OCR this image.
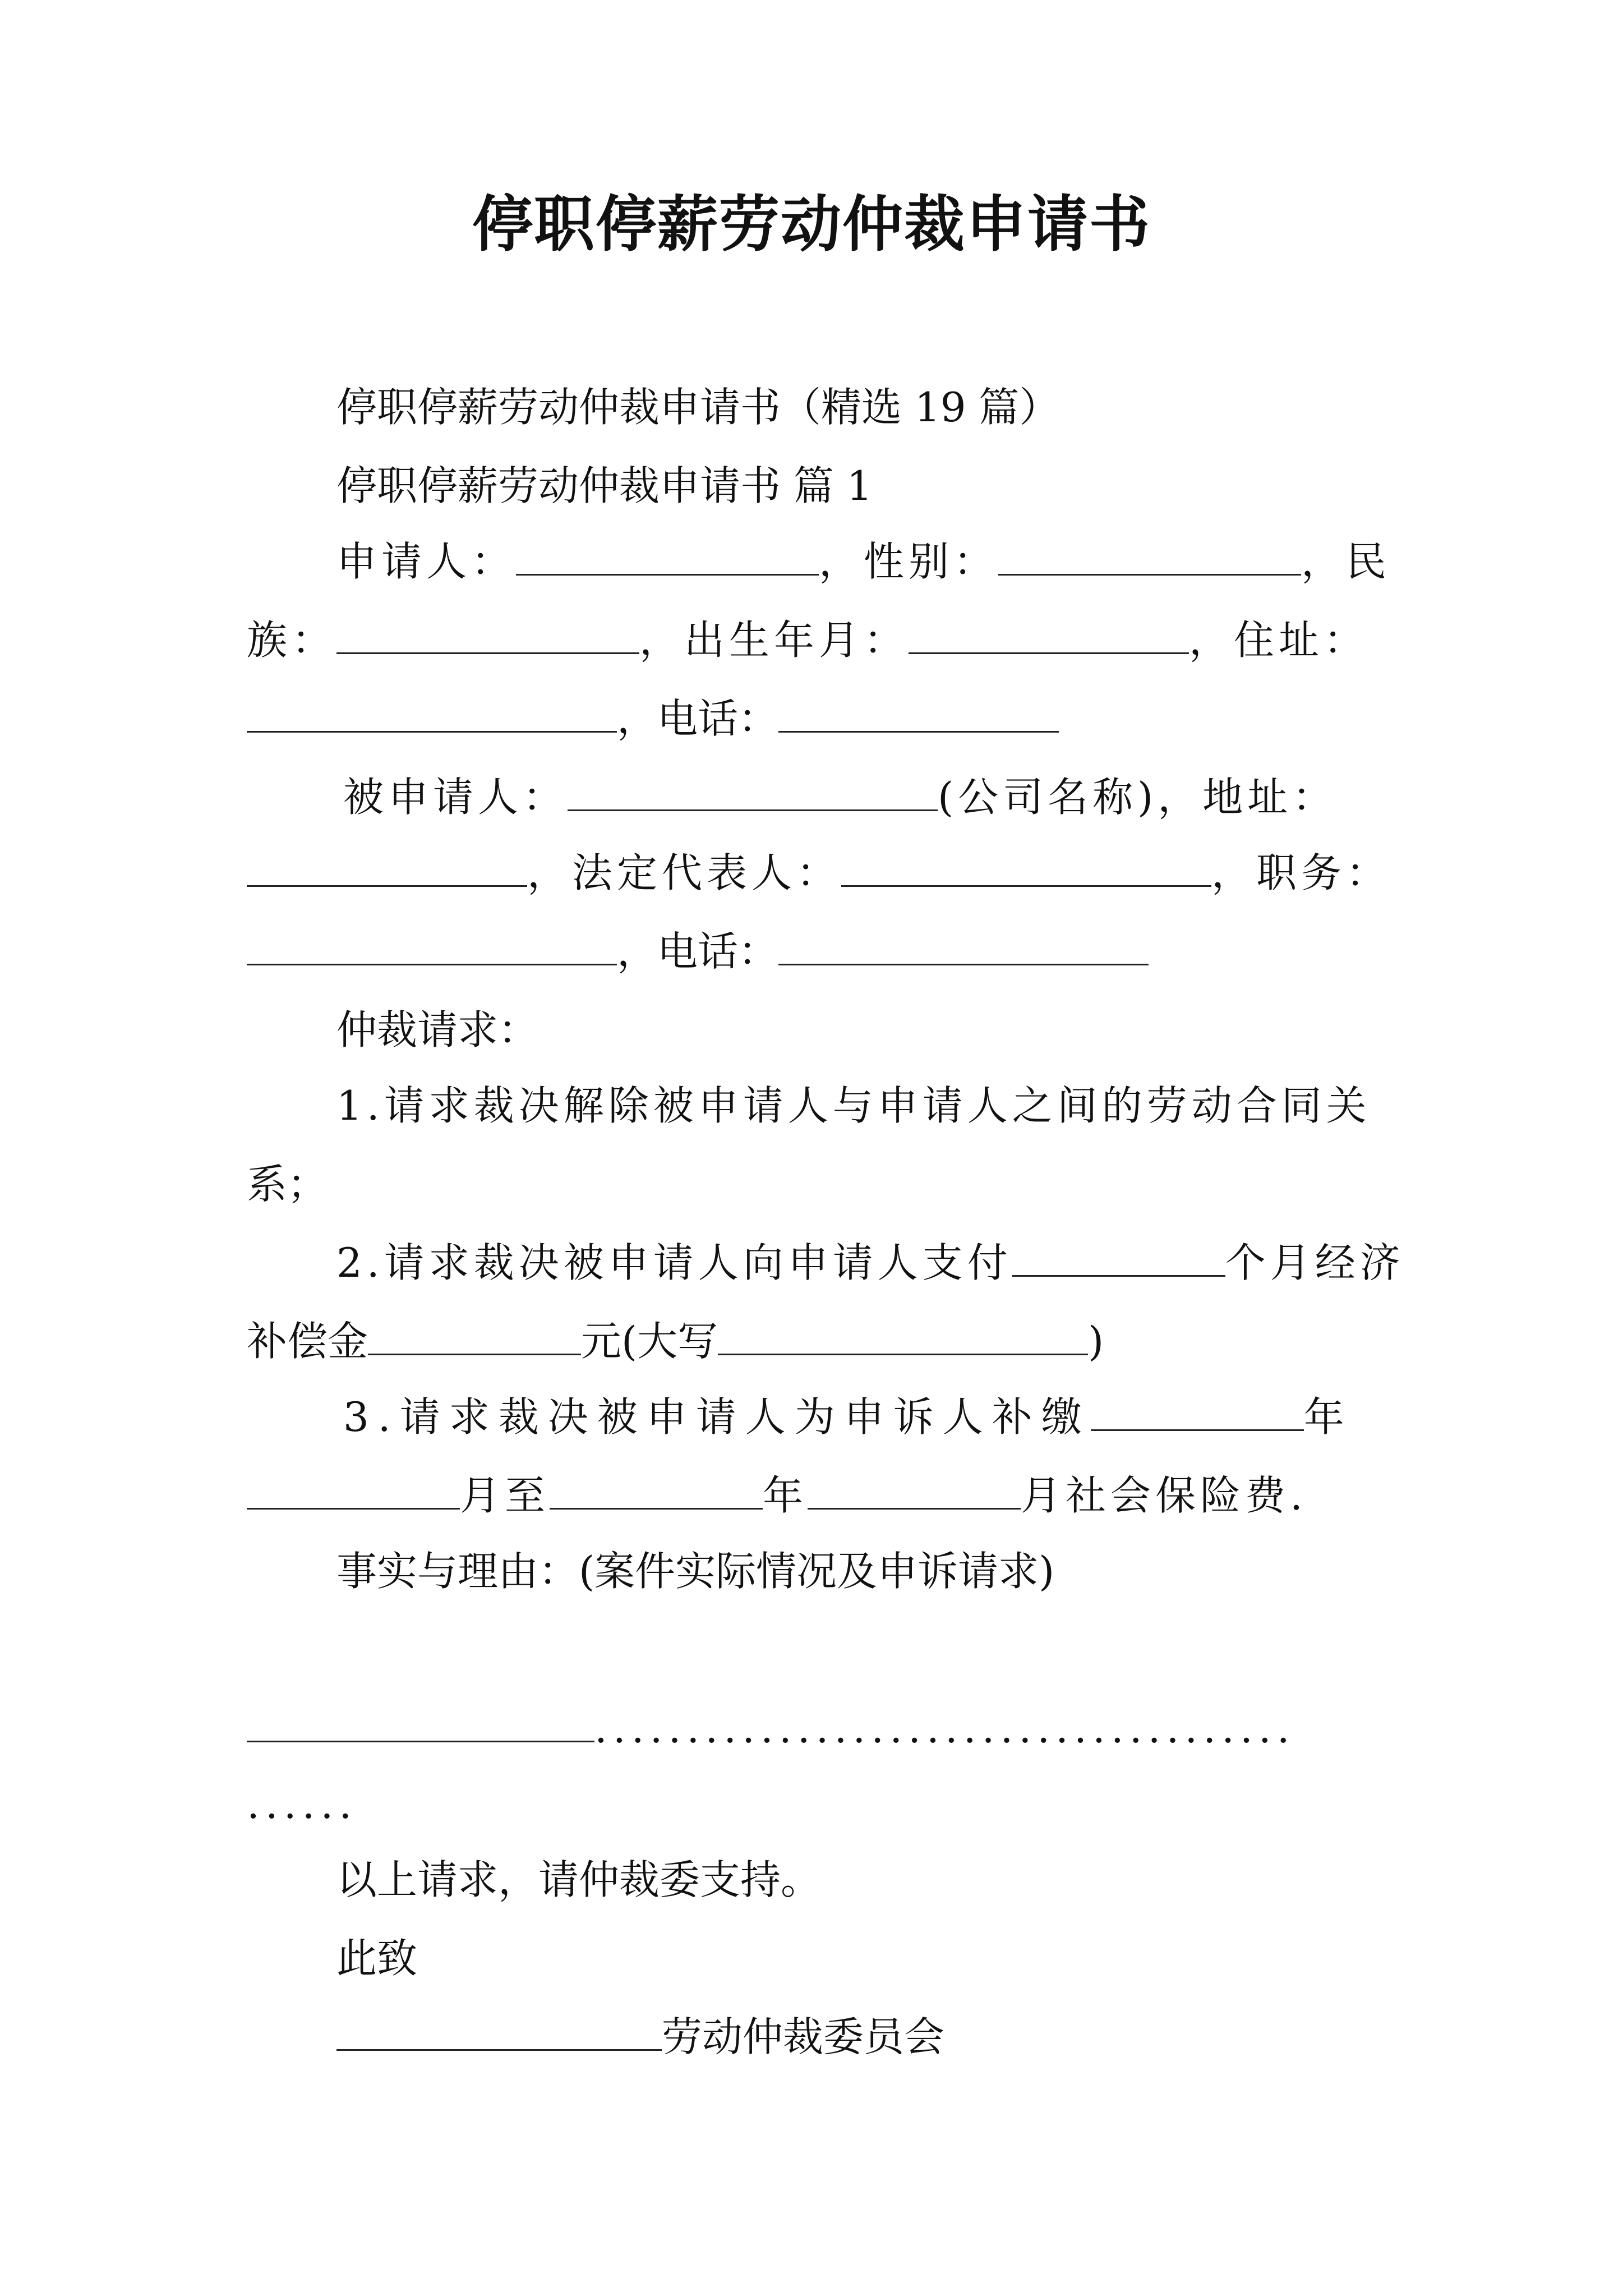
停职停薪劳动仲裁申请书
停职停薪劳动仲裁申请书（精选 19 篇）
停职停薪劳动仲裁申请书 篇 1
申请人：	，性别：	，民
族：	，出生年月：	，住址：
，电话：
被申请人：	(公司名称)，地址：
，法定代表人：	，职务：
，电话：
仲裁请求：
1.请求裁决解除被申请人与申请人之间的劳动合同关
系；
2.请求裁决被申请人向申请人支付	个月经济
补偿金	元(大写	)
3.请求裁决被申请人为申诉人补缴	年
月至	年	月社会保险费.
事实与理由：(案件实际情况及申诉请求)
......................................
......
以上请求，请仲裁委支持。
此致
劳动仲裁委员会
